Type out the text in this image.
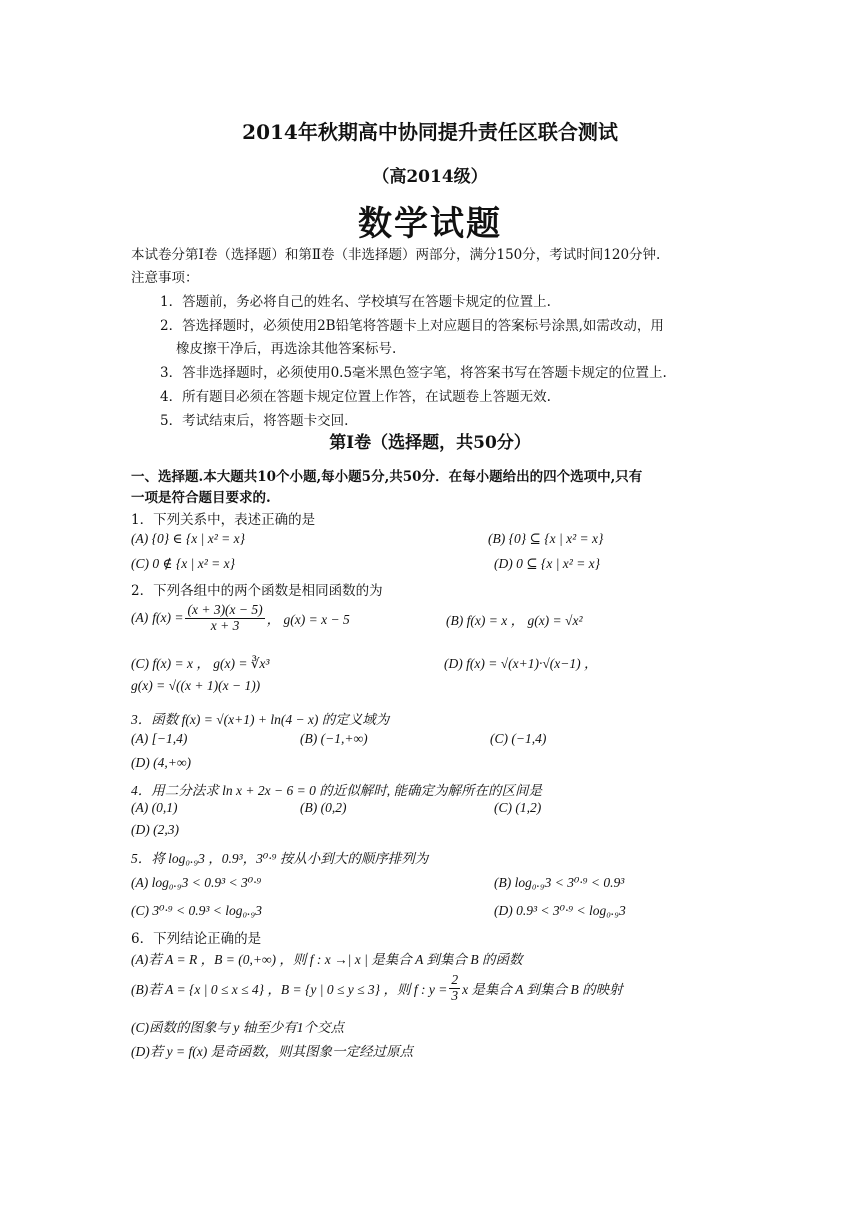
2014年秋期高中协同提升责任区联合测试
（高2014级）
数学试题
本试卷分第Ⅰ卷（选择题）和第Ⅱ卷（非选择题）两部分，满分150分，考试时间120分钟.
注意事项：
1．答题前，务必将自己的姓名、学校填写在答题卡规定的位置上.
2．答选择题时，必须使用2B铅笔将答题卡上对应题目的答案标号涂黑,如需改动，用
橡皮擦干净后，再选涂其他答案标号.
3．答非选择题时，必须使用0.5毫米黑色签字笔，将答案书写在答题卡规定的位置上.
4．所有题目必须在答题卡规定位置上作答，在试题卷上答题无效.
5．考试结束后，将答题卡交回.
第Ⅰ卷（选择题，共50分）
一、选择题.本大题共10个小题,每小题5分,共50分．在每小题给出的四个选项中,只有
一项是符合题目要求的.
1．下列关系中，表述正确的是
(A) {0} ∈ {x | x² = x}	(B) {0} ⊆ {x | x² = x}
(C) 0 ∉ {x | x² = x}	(D) 0 ⊆ {x | x² = x}
2．下列各组中的两个函数是相同函数的为
(A) $f(x) = \frac{(x + 3)(x - 5)}{x + 3}$ ， g(x) = x − 5	(B) f(x) = x ， g(x) = √x²
(C) f(x) = x ， g(x) = ∛x³	(D) f(x) = √(x+1)·√(x−1) ，
g(x) = √((x + 1)(x − 1))
3．函数 f(x) = √(x+1) + ln(4 − x) 的定义域为
(A) [−1,4)	(B) (−1,+∞)	(C) (−1,4)
(D) (4,+∞)
4．用二分法求 ln x + 2x − 6 = 0 的近似解时, 能确定为解所在的区间是
(A) (0,1)	(B) (0,2)	(C) (1,2)
(D) (2,3)
5．将 log₀.₉3 ，0.9³，3⁰·⁹ 按从小到大的顺序排列为
(A) log₀.₉3 < 0.9³ < 3⁰·⁹	(B) log₀.₉3 < 3⁰·⁹ < 0.9³
(C) 3⁰·⁹ < 0.9³ < log₀.₉3	(D) 0.9³ < 3⁰·⁹ < log₀.₉3
6．下列结论正确的是
(A)若 A = R ，B = (0,+∞) ，则 f : x →| x | 是集合 A 到集合 B 的函数
(B)若 A = {x | 0 ≤ x ≤ 4} ，B = {y | 0 ≤ y ≤ 3} ，则 f : $y = \frac{2}{3}$ x 是集合 A 到集合 B 的映射
(C)函数的图象与 y 轴至少有1个交点
(D)若 y = f(x) 是奇函数，则其图象一定经过原点
